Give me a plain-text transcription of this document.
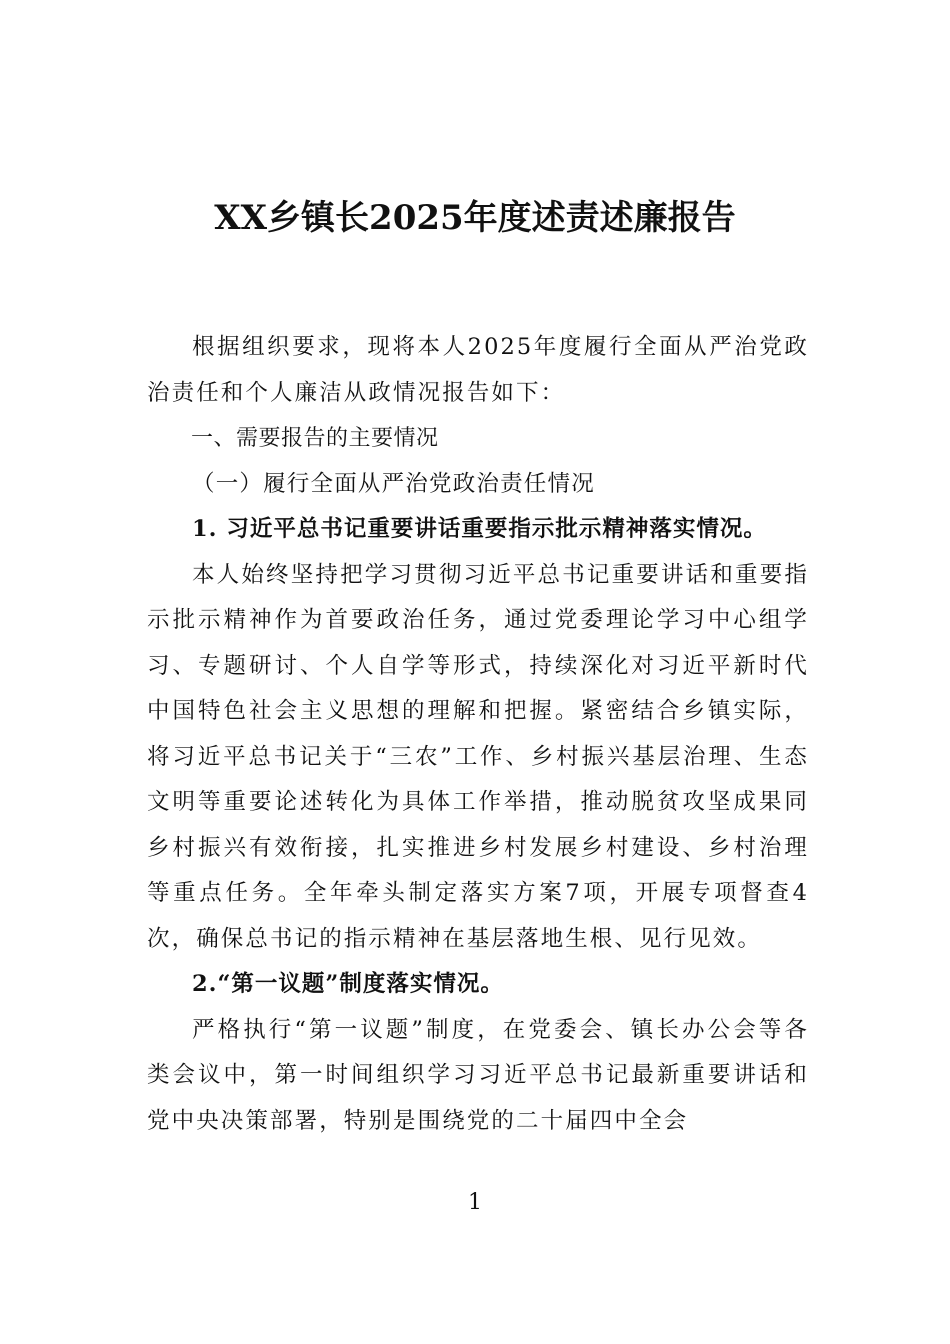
XX乡镇长2025年度述责述廉报告

根据组织要求，现将本人2025年度履行全面从严治党政治责任和个人廉洁从政情况报告如下：

一、需要报告的主要情况

（一）履行全面从严治党政治责任情况

1. 习近平总书记重要讲话重要指示批示精神落实情况。

本人始终坚持把学习贯彻习近平总书记重要讲话和重要指示批示精神作为首要政治任务，通过党委理论学习中心组学习、专题研讨、个人自学等形式，持续深化对习近平新时代中国特色社会主义思想的理解和把握。紧密结合乡镇实际，将习近平总书记关于“三农”工作、乡村振兴基层治理、生态文明等重要论述转化为具体工作举措，推动脱贫攻坚成果同乡村振兴有效衔接，扎实推进乡村发展乡村建设、乡村治理等重点任务。全年牵头制定落实方案7项，开展专项督查4次，确保总书记的指示精神在基层落地生根、见行见效。

2.“第一议题”制度落实情况。

严格执行“第一议题”制度，在党委会、镇长办公会等各类会议中，第一时间组织学习习近平总书记最新重要讲话和党中央决策部署，特别是围绕党的二十届四中全会

1
